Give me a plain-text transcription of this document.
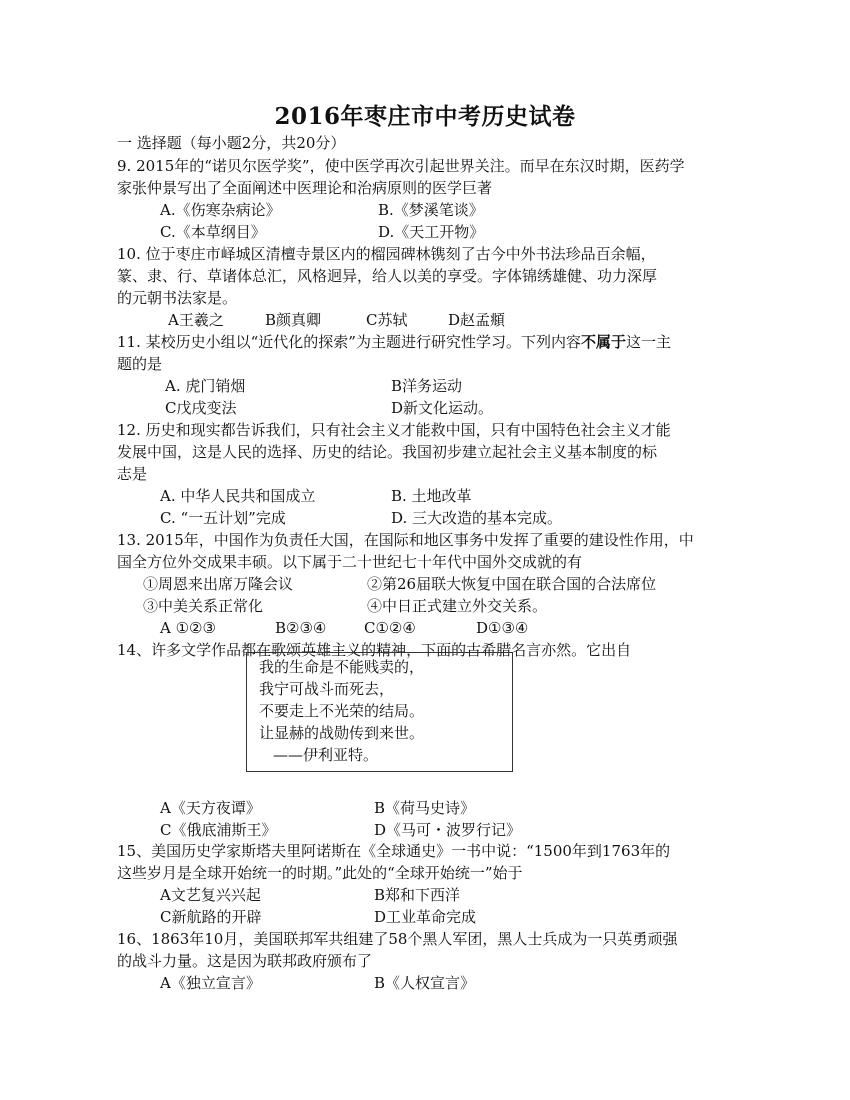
2016年枣庄市中考历史试卷
一 选择题（每小题2分，共20分）
9. 2015年的“诺贝尔医学奖”，使中医学再次引起世界关注。而早在东汉时期，医药学
家张仲景写出了全面阐述中医理论和治病原则的医学巨著
A.《伤寒杂病论》	B.《梦溪笔谈》
C.《本草纲目》	D.《天工开物》
10. 位于枣庄市峄城区清檀寺景区内的榴园碑林镌刻了古今中外书法珍品百余幅，
篆、隶、行、草诸体总汇，风格迥异，给人以美的享受。字体锦绣雄健、功力深厚
的元朝书法家是。
A王羲之	B颜真卿	C苏轼	D赵孟頫
11. 某校历史小组以“近代化的探索”为主题进行研究性学习。下列内容不属于这一主
题的是
A. 虎门销烟	B洋务运动
C戊戌变法	D新文化运动。
12. 历史和现实都告诉我们，只有社会主义才能救中国，只有中国特色社会主义才能
发展中国，这是人民的选择、历史的结论。我国初步建立起社会主义基本制度的标
志是
A. 中华人民共和国成立	B. 土地改革
C. “一五计划”完成	D. 三大改造的基本完成。
13. 2015年，中国作为负责任大国，在国际和地区事务中发挥了重要的建设性作用，中
国全方位外交成果丰硕。以下属于二十世纪七十年代中国外交成就的有
①周恩来出席万隆会议	②第26届联大恢复中国在联合国的合法席位
③中美关系正常化	④中日正式建立外交关系。
A ①②③	B②③④	C①②④	D①③④
14、许多文学作品都在歌颂英雄主义的精神，下面的古希腊名言亦然。它出自
我的生命是不能贱卖的，
我宁可战斗而死去，
不要走上不光荣的结局。
让显赫的战勋传到来世。
——伊利亚特。
A《天方夜谭》	B《荷马史诗》
C《俄底浦斯王》	D《马可・波罗行记》
15、美国历史学家斯塔夫里阿诺斯在《全球通史》一书中说：“1500年到1763年的
这些岁月是全球开始统一的时期。”此处的“全球开始统一”始于
A文艺复兴兴起	B郑和下西洋
C新航路的开辟	D工业革命完成
16、1863年10月，美国联邦军共组建了58个黑人军团，黑人士兵成为一只英勇顽强
的战斗力量。这是因为联邦政府颁布了
A《独立宣言》	B《人权宣言》
